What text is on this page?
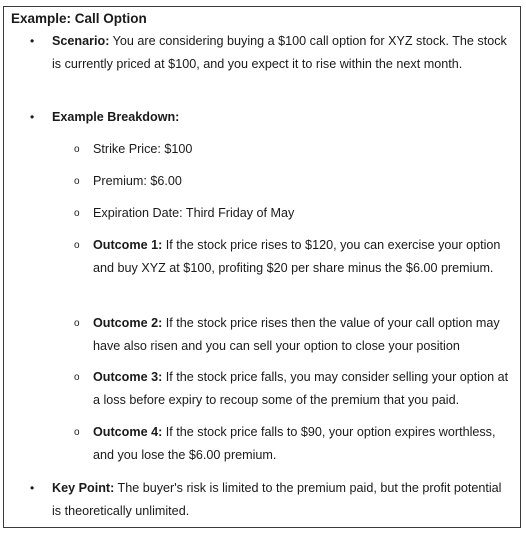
Example: Call Option
• Scenario: You are considering buying a $100 call option for XYZ stock. The stock is currently priced at $100, and you expect it to rise within the next month.
• Example Breakdown:
o Strike Price: $100
o Premium: $6.00
o Expiration Date: Third Friday of May
o Outcome 1: If the stock price rises to $120, you can exercise your option and buy XYZ at $100, profiting $20 per share minus the $6.00 premium.
o Outcome 2: If the stock price rises then the value of your call option may have also risen and you can sell your option to close your position
o Outcome 3: If the stock price falls, you may consider selling your option at a loss before expiry to recoup some of the premium that you paid.
o Outcome 4: If the stock price falls to $90, your option expires worthless, and you lose the $6.00 premium.
• Key Point: The buyer's risk is limited to the premium paid, but the profit potential is theoretically unlimited.
